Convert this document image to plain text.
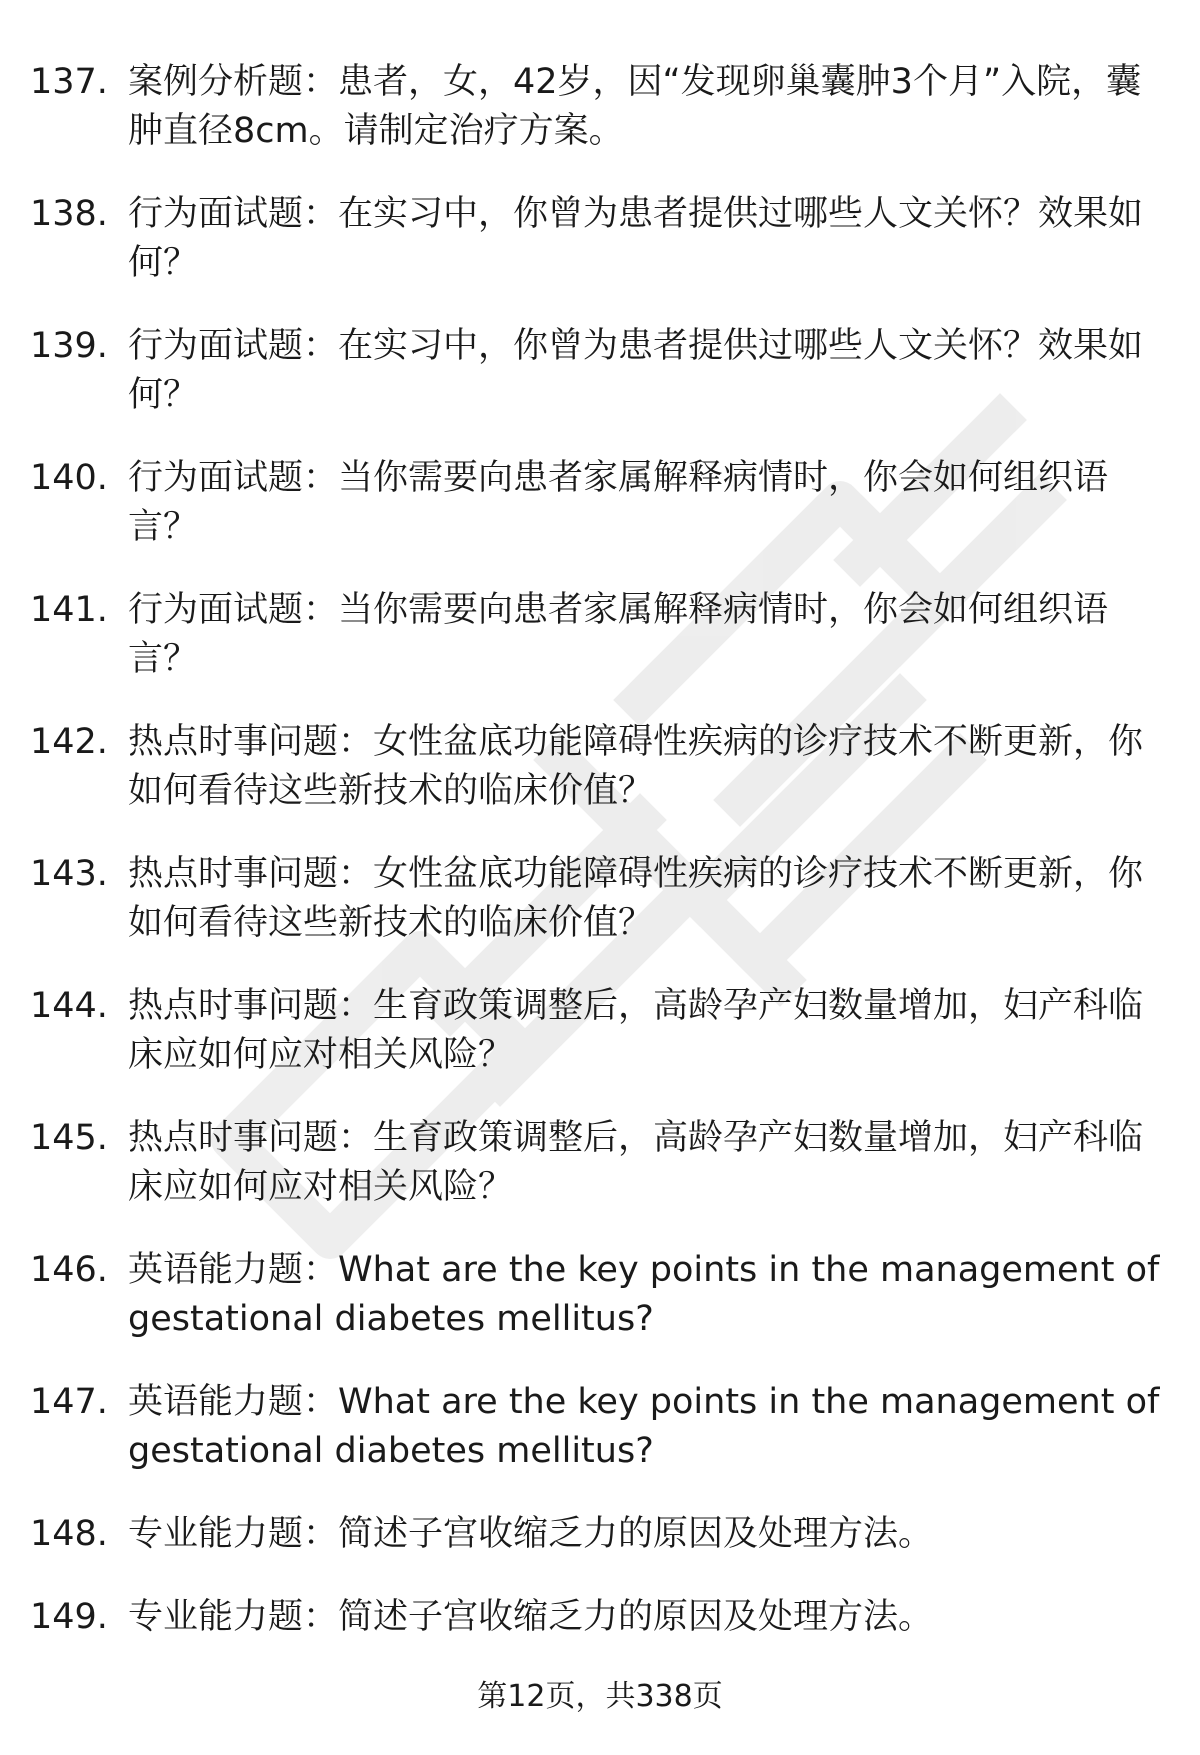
137. 案例分析题：患者，女，42岁，因“发现卵巢囊肿3个月”入院，囊肿直径8cm。请制定治疗方案。
138. 行为面试题：在实习中，你曾为患者提供过哪些人文关怀？效果如何？
139. 行为面试题：在实习中，你曾为患者提供过哪些人文关怀？效果如何？
140. 行为面试题：当你需要向患者家属解释病情时，你会如何组织语言？
141. 行为面试题：当你需要向患者家属解释病情时，你会如何组织语言？
142. 热点时事问题：女性盆底功能障碍性疾病的诊疗技术不断更新，你如何看待这些新技术的临床价值？
143. 热点时事问题：女性盆底功能障碍性疾病的诊疗技术不断更新，你如何看待这些新技术的临床价值？
144. 热点时事问题：生育政策调整后，高龄孕产妇数量增加，妇产科临床应如何应对相关风险？
145. 热点时事问题：生育政策调整后，高龄孕产妇数量增加，妇产科临床应如何应对相关风险？
146. 英语能力题：What are the key points in the management of gestational diabetes mellitus?
147. 英语能力题：What are the key points in the management of gestational diabetes mellitus?
148. 专业能力题：简述子宫收缩乏力的原因及处理方法。
149. 专业能力题：简述子宫收缩乏力的原因及处理方法。
第12页，共338页
